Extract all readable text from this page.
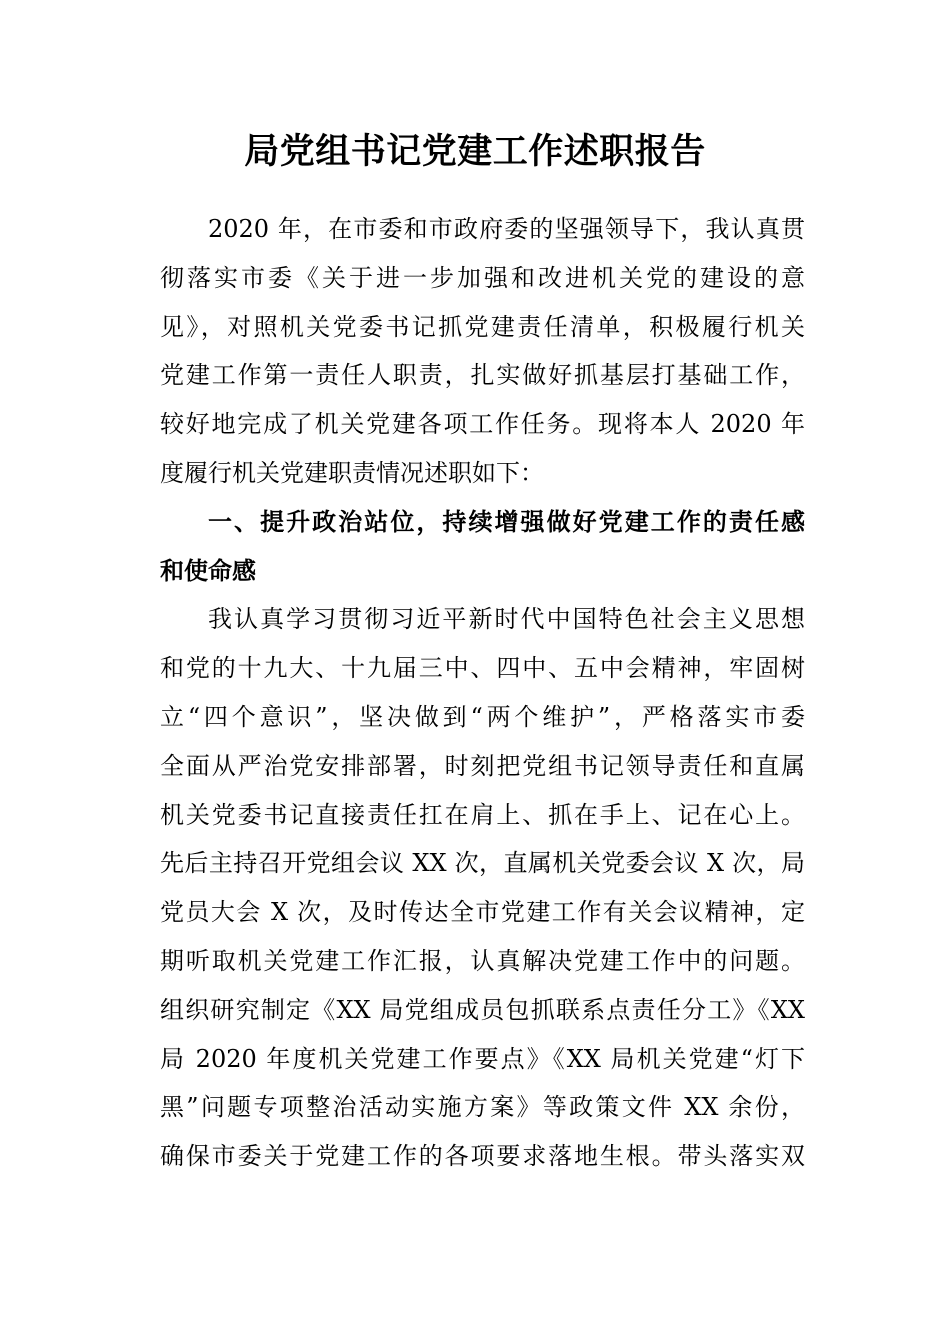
局党组书记党建工作述职报告
2020 年，在市委和市政府委的坚强领导下，我认真贯
彻落实市委《关于进一步加强和改进机关党的建设的意
见》，对照机关党委书记抓党建责任清单，积极履行机关
党建工作第一责任人职责，扎实做好抓基层打基础工作，
较好地完成了机关党建各项工作任务。现将本人 2020 年
度履行机关党建职责情况述职如下：
一、提升政治站位，持续增强做好党建工作的责任感
和使命感
我认真学习贯彻习近平新时代中国特色社会主义思想
和党的十九大、十九届三中、四中、五中会精神，牢固树
立“四个意识”，坚决做到“两个维护”，严格落实市委
全面从严治党安排部署，时刻把党组书记领导责任和直属
机关党委书记直接责任扛在肩上、抓在手上、记在心上。
先后主持召开党组会议 XX 次，直属机关党委会议 X 次，局
党员大会 X 次，及时传达全市党建工作有关会议精神，定
期听取机关党建工作汇报，认真解决党建工作中的问题。
组织研究制定《XX 局党组成员包抓联系点责任分工》《XX
局 2020 年度机关党建工作要点》《XX 局机关党建“灯下
黑”问题专项整治活动实施方案》等政策文件 XX 余份，
确保市委关于党建工作的各项要求落地生根。带头落实双
